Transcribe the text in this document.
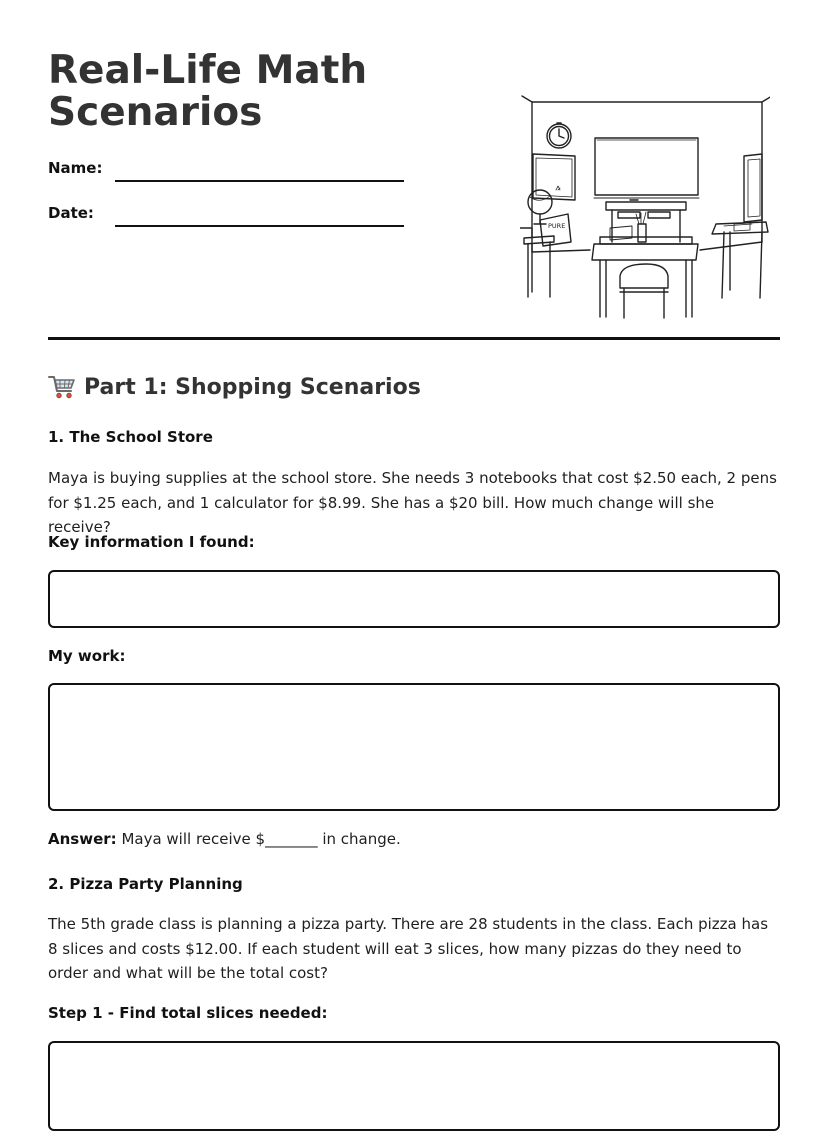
Real-Life Math
Scenarios
Name:
Date:
PURE
Part 1: Shopping Scenarios
1. The School Store

Maya is buying supplies at the school store. She needs 3 notebooks that cost $2.50 each, 2 pens for $1.25 each, and 1 calculator for $8.99. She has a $20 bill. How much change will she receive?

Key information I found:
My work:
Answer: Maya will receive $_______ in change.
2. Pizza Party Planning

The 5th grade class is planning a pizza party. There are 28 students in the class. Each pizza has 8 slices and costs $12.00. If each student will eat 3 slices, how many pizzas do they need to order and what will be the total cost?

Step 1 - Find total slices needed:
